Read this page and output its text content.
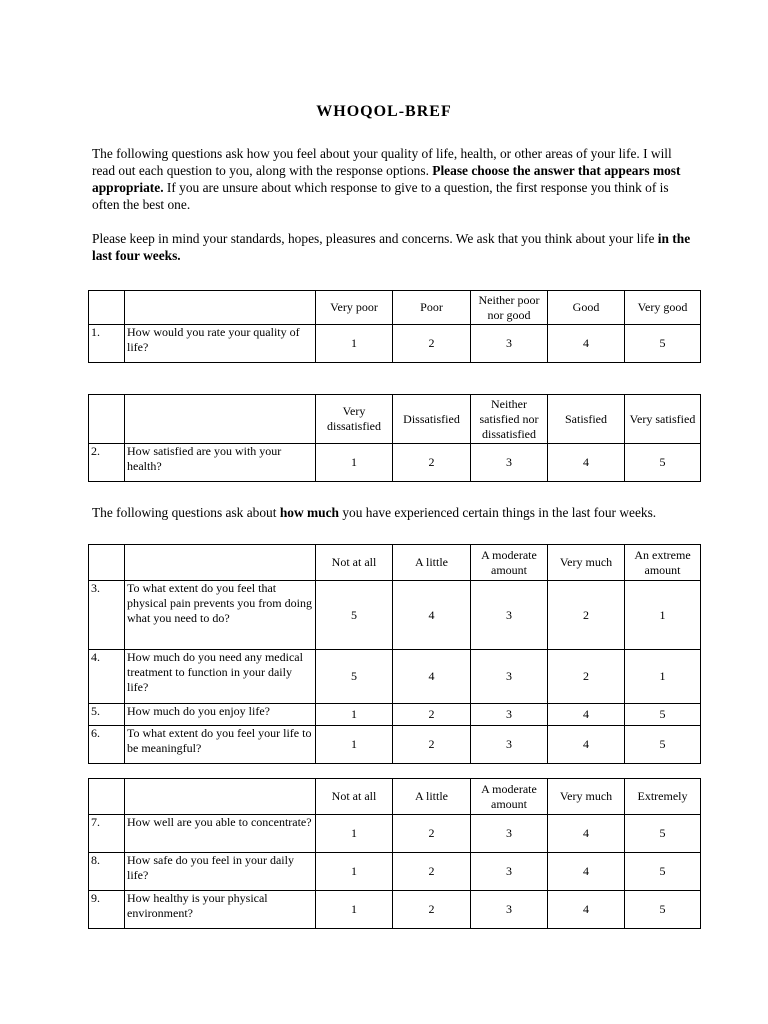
WHOQOL-BREF

The following questions ask how you feel about your quality of life, health, or other areas of your life. I will read out each question to you, along with the response options. Please choose the answer that appears most appropriate. If you are unsure about which response to give to a question, the first response you think of is often the best one.

Please keep in mind your standards, hopes, pleasures and concerns. We ask that you think about your life in the last four weeks.

		Very poor	Poor	Neither poor nor good	Good	Very good
1.	How would you rate your quality of life?	1	2	3	4	5
		Very dissatisfied	Dissatisfied	Neither satisfied nor dissatisfied	Satisfied	Very satisfied
2.	How satisfied are you with your health?	1	2	3	4	5

The following questions ask about how much you have experienced certain things in the last four weeks.

		Not at all	A little	A moderate amount	Very much	An extreme amount
3.	To what extent do you feel that physical pain prevents you from doing what you need to do?	5	4	3	2	1
4.	How much do you need any medical treatment to function in your daily life?	5	4	3	2	1
5.	How much do you enjoy life?	1	2	3	4	5
6.	To what extent do you feel your life to be meaningful?	1	2	3	4	5
		Not at all	A little	A moderate amount	Very much	Extremely
7.	How well are you able to concentrate?	1	2	3	4	5
8.	How safe do you feel in your daily life?	1	2	3	4	5
9.	How healthy is your physical environment?	1	2	3	4	5
